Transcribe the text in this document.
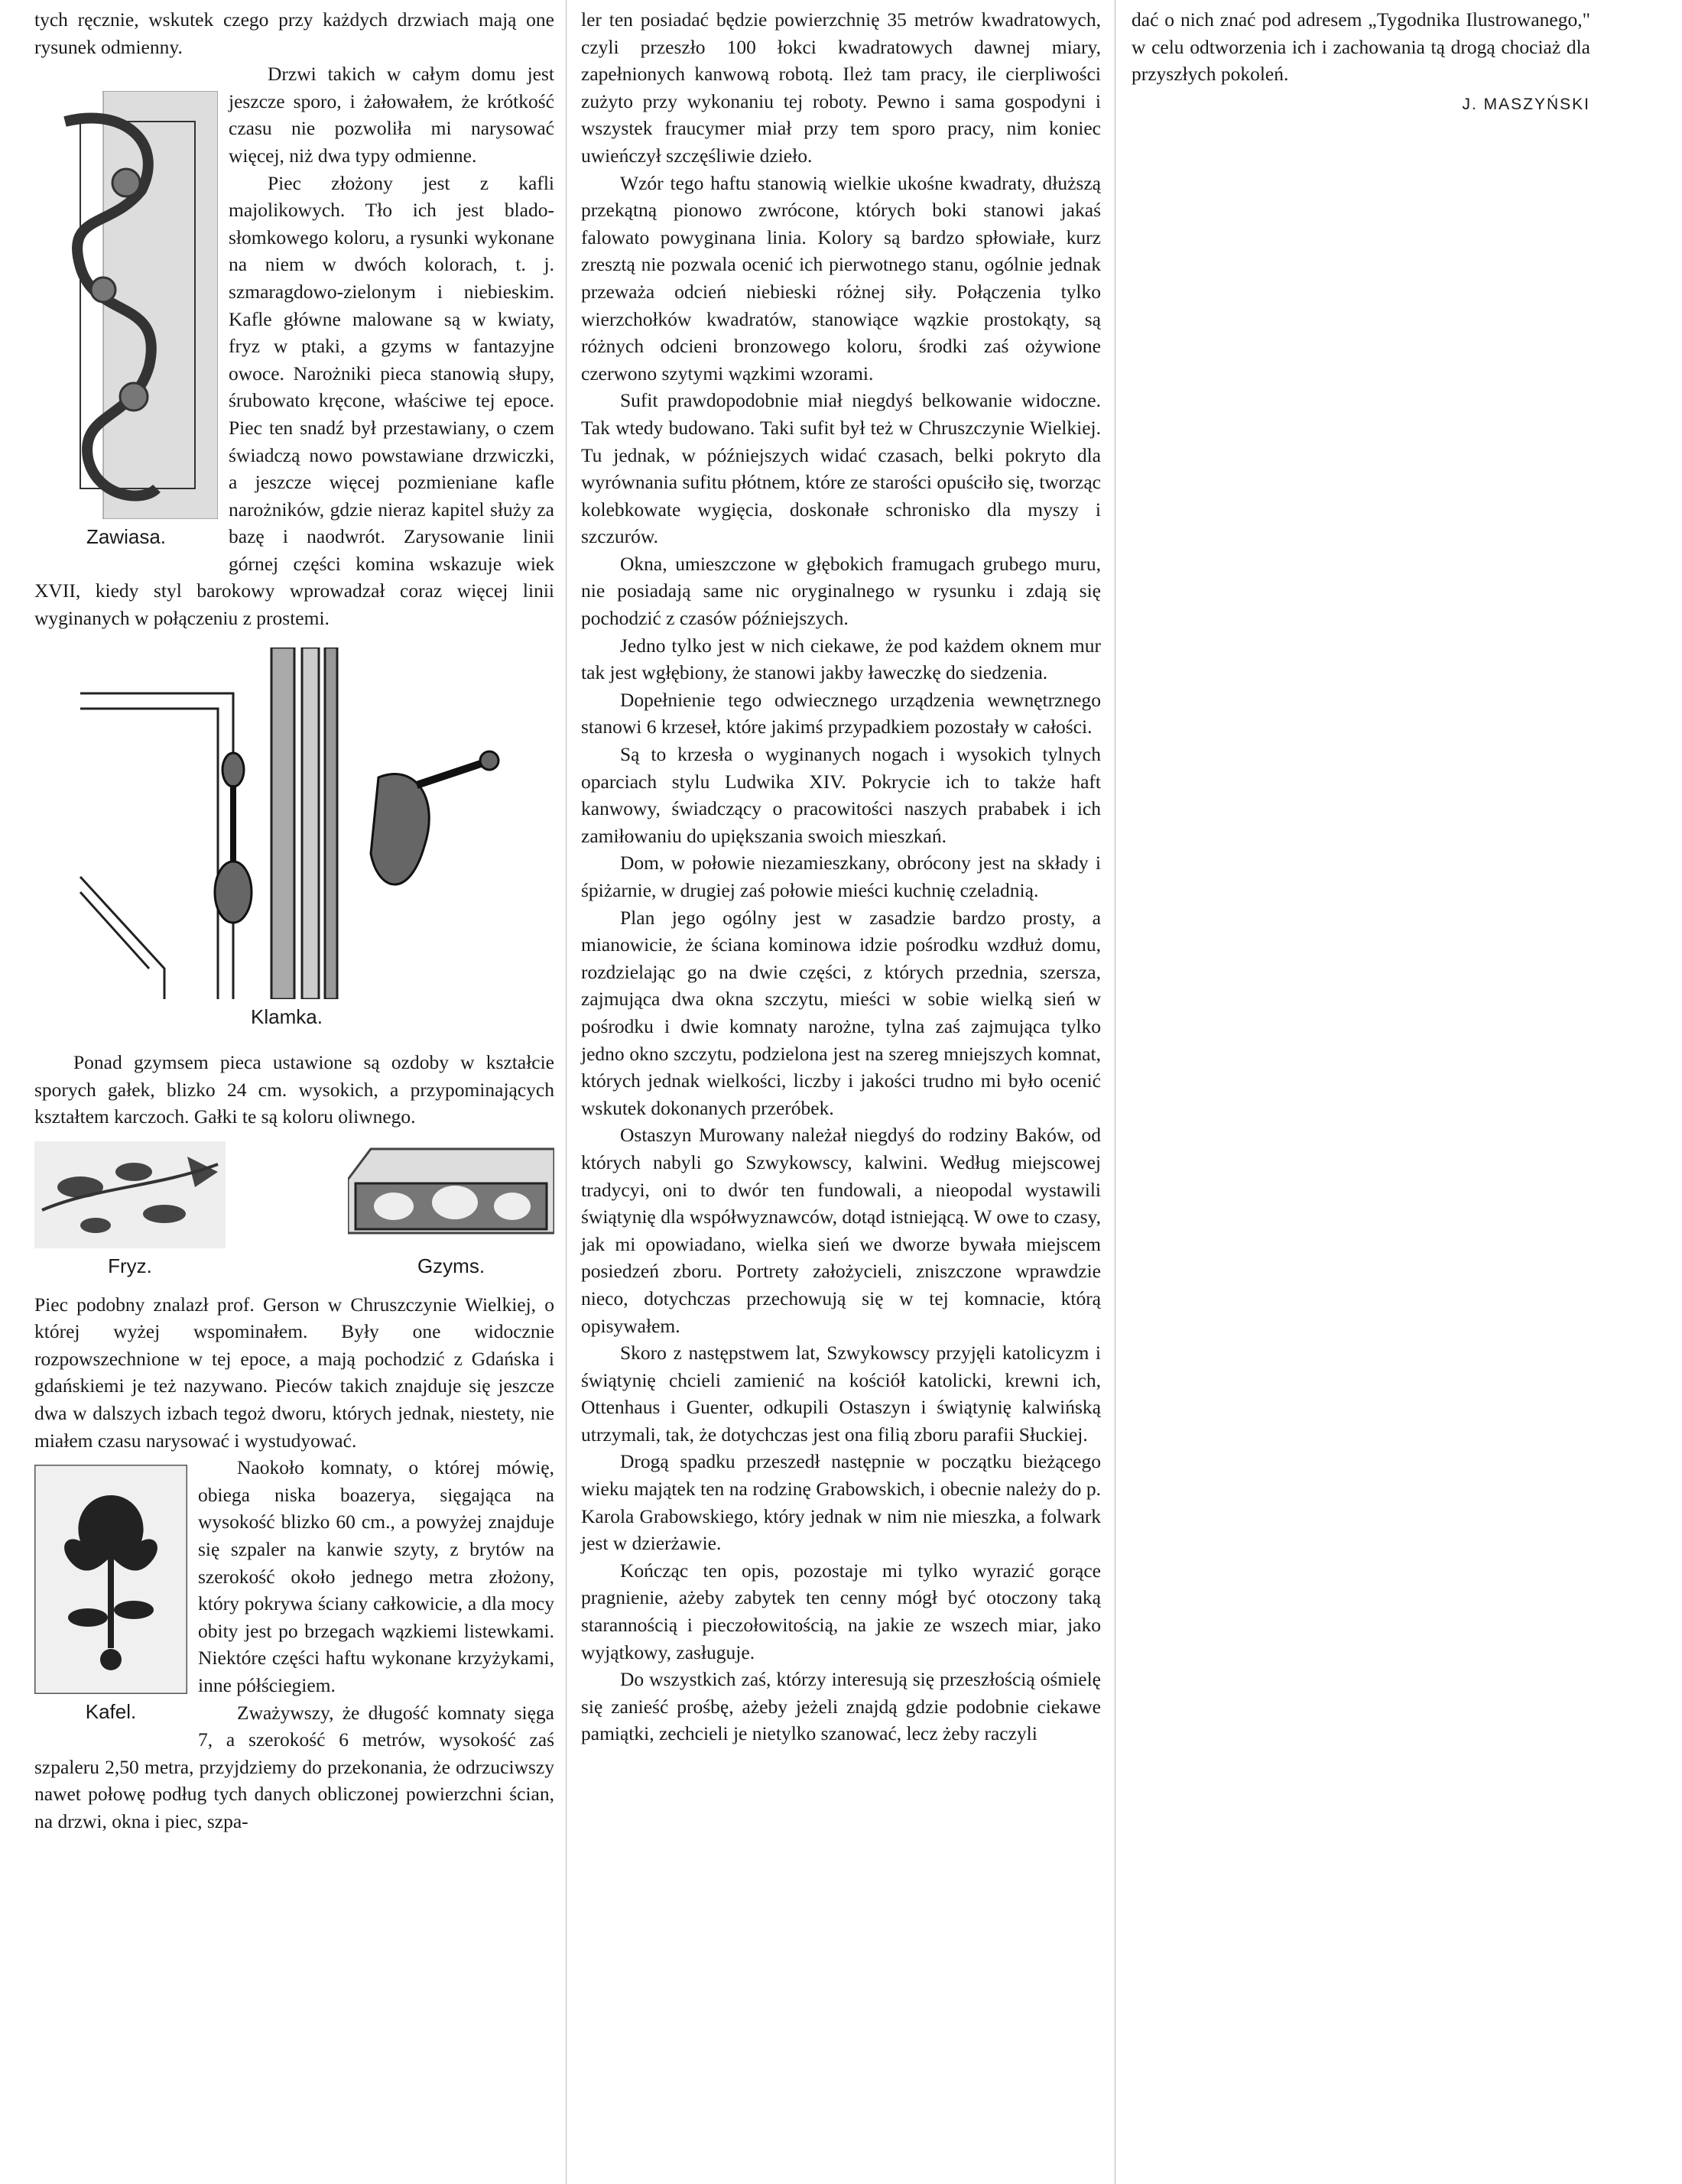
tych ręcznie, wskutek czego przy każdych drzwiach mają one rysunek odmienny.

Zawiasa.

Drzwi takich w całym domu jest jeszcze sporo, i żałowałem, że krótkość czasu nie pozwoliła mi narysować więcej, niż dwa typy odmienne.

Piec złożony jest z kafli majolikowych. Tło ich jest blado-słomkowego koloru, a rysunki wykonane na niem w dwóch kolorach, t. j. szmaragdowo-zielonym i niebieskim. Kafle główne malowane są w kwiaty, fryz w ptaki, a gzyms w fantazyjne owoce. Narożniki pieca stanowią słupy, śrubowato kręcone, właściwe tej epoce. Piec ten snadź był przestawiany, o czem świadczą nowo powstawiane drzwiczki, a jeszcze więcej pozmieniane kafle narożników, gdzie nieraz kapitel służy za bazę i naodwrót. Zarysowanie linii górnej części komina wskazuje wiek XVII, kiedy styl barokowy wprowadzał coraz więcej linii wyginanych w połączeniu z prostemi.

Klamka.

Ponad gzymsem pieca ustawione są ozdoby w kształcie sporych gałek, blizko 24 cm. wysokich, a przypominających kształtem karczoch. Gałki te są koloru oliwnego.

Fryz.	Gzyms.

Piec podobny znalazł prof. Gerson w Chruszczynie Wielkiej, o której wyżej wspominałem. Były one widocznie rozpowszechnione w tej epoce, a mają pochodzić z Gdańska i gdańskiemi je też nazywano. Pieców takich znajduje się jeszcze dwa w dalszych izbach tegoż dworu, których jednak, niestety, nie miałem czasu narysować i wystudyować.

Kafel.

Naokoło komnaty, o której mówię, obiega niska boazerya, sięgająca na wysokość blizko 60 cm., a powyżej znajduje się szpaler na kanwie szyty, z brytów na szerokość około jednego metra złożony, który pokrywa ściany całkowicie, a dla mocy obity jest po brzegach wązkiemi listewkami. Niektóre części haftu wykonane krzyżykami, inne półściegiem.

Zważywszy, że długość komnaty sięga 7, a szerokość 6 metrów, wysokość zaś szpaleru 2,50 metra, przyjdziemy do przekonania, że odrzuciwszy nawet połowę podług tych danych obliczonej powierzchni ścian, na drzwi, okna i piec, szpa-

ler ten posiadać będzie powierzchnię 35 metrów kwadratowych, czyli przeszło 100 łokci kwadratowych dawnej miary, zapełnionych kanwową robotą. Ileż tam pracy, ile cierpliwości zużyto przy wykonaniu tej roboty. Pewno i sama gospodyni i wszystek fraucymer miał przy tem sporo pracy, nim koniec uwieńczył szczęśliwie dzieło.

Wzór tego haftu stanowią wielkie ukośne kwadraty, dłuższą przekątną pionowo zwrócone, których boki stanowi jakaś falowato powyginana linia. Kolory są bardzo spłowiałe, kurz zresztą nie pozwala ocenić ich pierwotnego stanu, ogólnie jednak przeważa odcień niebieski różnej siły. Połączenia tylko wierzchołków kwadratów, stanowiące wązkie prostokąty, są różnych odcieni bronzowego koloru, środki zaś ożywione czerwono szytymi wązkimi wzorami.

Sufit prawdopodobnie miał niegdyś belkowanie widoczne. Tak wtedy budowano. Taki sufit był też w Chruszczynie Wielkiej. Tu jednak, w późniejszych widać czasach, belki pokryto dla wyrównania sufitu płótnem, które ze starości opuściło się, tworząc kolebkowate wygięcia, doskonałe schronisko dla myszy i szczurów.

Okna, umieszczone w głębokich framugach grubego muru, nie posiadają same nic oryginalnego w rysunku i zdają się pochodzić z czasów późniejszych.

Jedno tylko jest w nich ciekawe, że pod każdem oknem mur tak jest wgłębiony, że stanowi jakby ławeczkę do siedzenia.

Dopełnienie tego odwiecznego urządzenia wewnętrznego stanowi 6 krzeseł, które jakimś przypadkiem pozostały w całości.

Są to krzesła o wyginanych nogach i wysokich tylnych oparciach stylu Ludwika XIV. Pokrycie ich to także haft kanwowy, świadczący o pracowitości naszych prababek i ich zamiłowaniu do upiększania swoich mieszkań.

Dom, w połowie niezamieszkany, obrócony jest na składy i śpiżarnie, w drugiej zaś połowie mieści kuchnię czeladnią.

Plan jego ogólny jest w zasadzie bardzo prosty, a mianowicie, że ściana kominowa idzie pośrodku wzdłuż domu, rozdzielając go na dwie części, z których przednia, szersza, zajmująca dwa okna szczytu, mieści w sobie wielką sień w pośrodku i dwie komnaty narożne, tylna zaś zajmująca tylko jedno okno szczytu, podzielona jest na szereg mniejszych komnat, których jednak wielkości, liczby i jakości trudno mi było ocenić wskutek dokonanych przeróbek.

Ostaszyn Murowany należał niegdyś do rodziny Baków, od których nabyli go Szwykowscy, kalwini. Według miejscowej tradycyi, oni to dwór ten fundowali, a nieopodal wystawili świątynię dla współwyznawców, dotąd istniejącą. W owe to czasy, jak mi opowiadano, wielka sień we dworze bywała miejscem posiedzeń zboru. Portrety założycieli, zniszczone wprawdzie nieco, dotychczas przechowują się w tej komnacie, którą opisywałem.

Skoro z następstwem lat, Szwykowscy przyjęli katolicyzm i świątynię chcieli zamienić na kościół katolicki, krewni ich, Ottenhaus i Guenter, odkupili Ostaszyn i świątynię kalwińską utrzymali, tak, że dotychczas jest ona filią zboru parafii Słuckiej.

Drogą spadku przeszedł następnie w początku bieżącego wieku majątek ten na rodzinę Grabowskich, i obecnie należy do p. Karola Grabowskiego, który jednak w nim nie mieszka, a folwark jest w dzierżawie.

Kończąc ten opis, pozostaje mi tylko wyrazić gorące pragnienie, ażeby zabytek ten cenny mógł być otoczony taką starannością i pieczołowitością, na jakie ze wszech miar, jako wyjątkowy, zasługuje.

Do wszystkich zaś, którzy interesują się przeszłością ośmielę się zanieść prośbę, ażeby jeżeli znajdą gdzie podobnie ciekawe pamiątki, zechcieli je nietylko szanować, lecz żeby raczyli

dać o nich znać pod adresem „Tygodnika Ilustrowanego," w celu odtworzenia ich i zachowania tą drogą chociaż dla przyszłych pokoleń.

J. MASZYŃSKI
